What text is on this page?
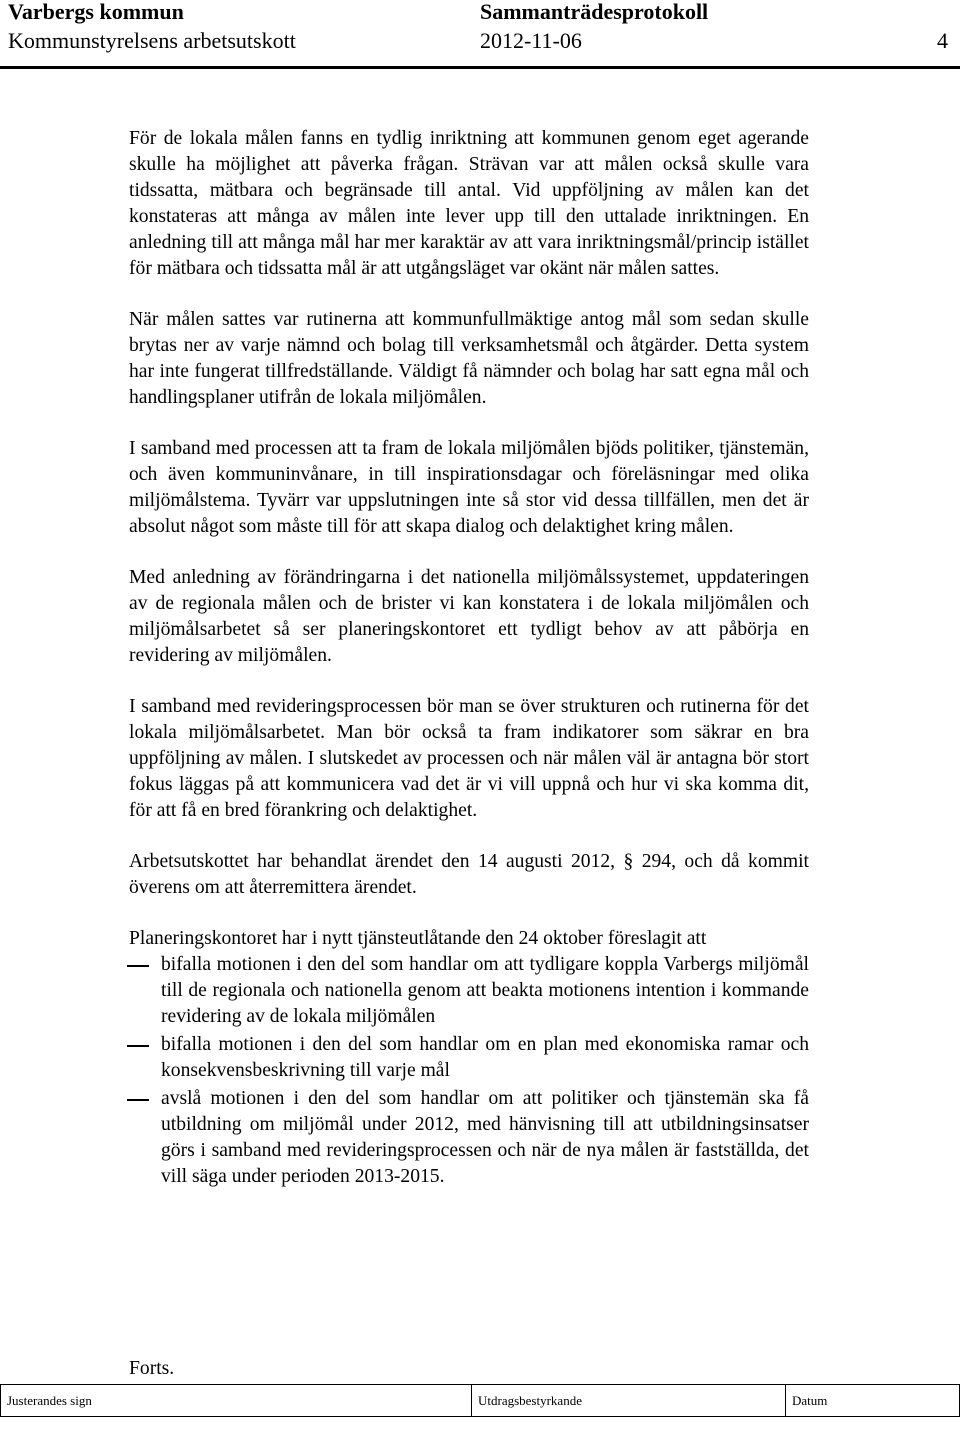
Varbergs kommun	Sammanträdesprotokoll
Kommunstyrelsens arbetsutskott	2012-11-06	4

För de lokala målen fanns en tydlig inriktning att kommunen genom eget agerande skulle ha möjlighet att påverka frågan. Strävan var att målen också skulle vara tidssatta, mätbara och begränsade till antal. Vid uppföljning av målen kan det konstateras att många av målen inte lever upp till den uttalade inriktningen. En anledning till att många mål har mer karaktär av att vara inriktningsmål/princip istället för mätbara och tidssatta mål är att utgångsläget var okänt när målen sattes.

När målen sattes var rutinerna att kommunfullmäktige antog mål som sedan skulle brytas ner av varje nämnd och bolag till verksamhetsmål och åtgärder. Detta system har inte fungerat tillfredställande. Väldigt få nämnder och bolag har satt egna mål och handlingsplaner utifrån de lokala miljömålen.

I samband med processen att ta fram de lokala miljömålen bjöds politiker, tjänstemän, och även kommuninvånare, in till inspirationsdagar och föreläsningar med olika miljömålstema. Tyvärr var uppslutningen inte så stor vid dessa tillfällen, men det är absolut något som måste till för att skapa dialog och delaktighet kring målen.

Med anledning av förändringarna i det nationella miljömålssystemet, uppdateringen av de regionala målen och de brister vi kan konstatera i de lokala miljömålen och miljömålsarbetet så ser planeringskontoret ett tydligt behov av att påbörja en revidering av miljömålen.

I samband med revideringsprocessen bör man se över strukturen och rutinerna för det lokala miljömålsarbetet. Man bör också ta fram indikatorer som säkrar en bra uppföljning av målen. I slutskedet av processen och när målen väl är antagna bör stort fokus läggas på att kommunicera vad det är vi vill uppnå och hur vi ska komma dit, för att få en bred förankring och delaktighet.

Arbetsutskottet har behandlat ärendet den 14 augusti 2012, § 294, och då kommit överens om att återremittera ärendet.

Planeringskontoret har i nytt tjänsteutlåtande den 24 oktober föreslagit att

bifalla motionen i den del som handlar om att tydligare koppla Varbergs miljömål till de regionala och nationella genom att beakta motionens intention i kommande revidering av de lokala miljömålen
bifalla motionen i den del som handlar om en plan med ekonomiska ramar och konsekvensbeskrivning till varje mål
avslå motionen i den del som handlar om att politiker och tjänstemän ska få utbildning om miljömål under 2012, med hänvisning till att utbildningsinsatser görs i samband med revideringsprocessen och när de nya målen är fastställda, det vill säga under perioden 2013-2015.
Forts.
Justerandes sign	Utdragsbestyrkande	Datum
